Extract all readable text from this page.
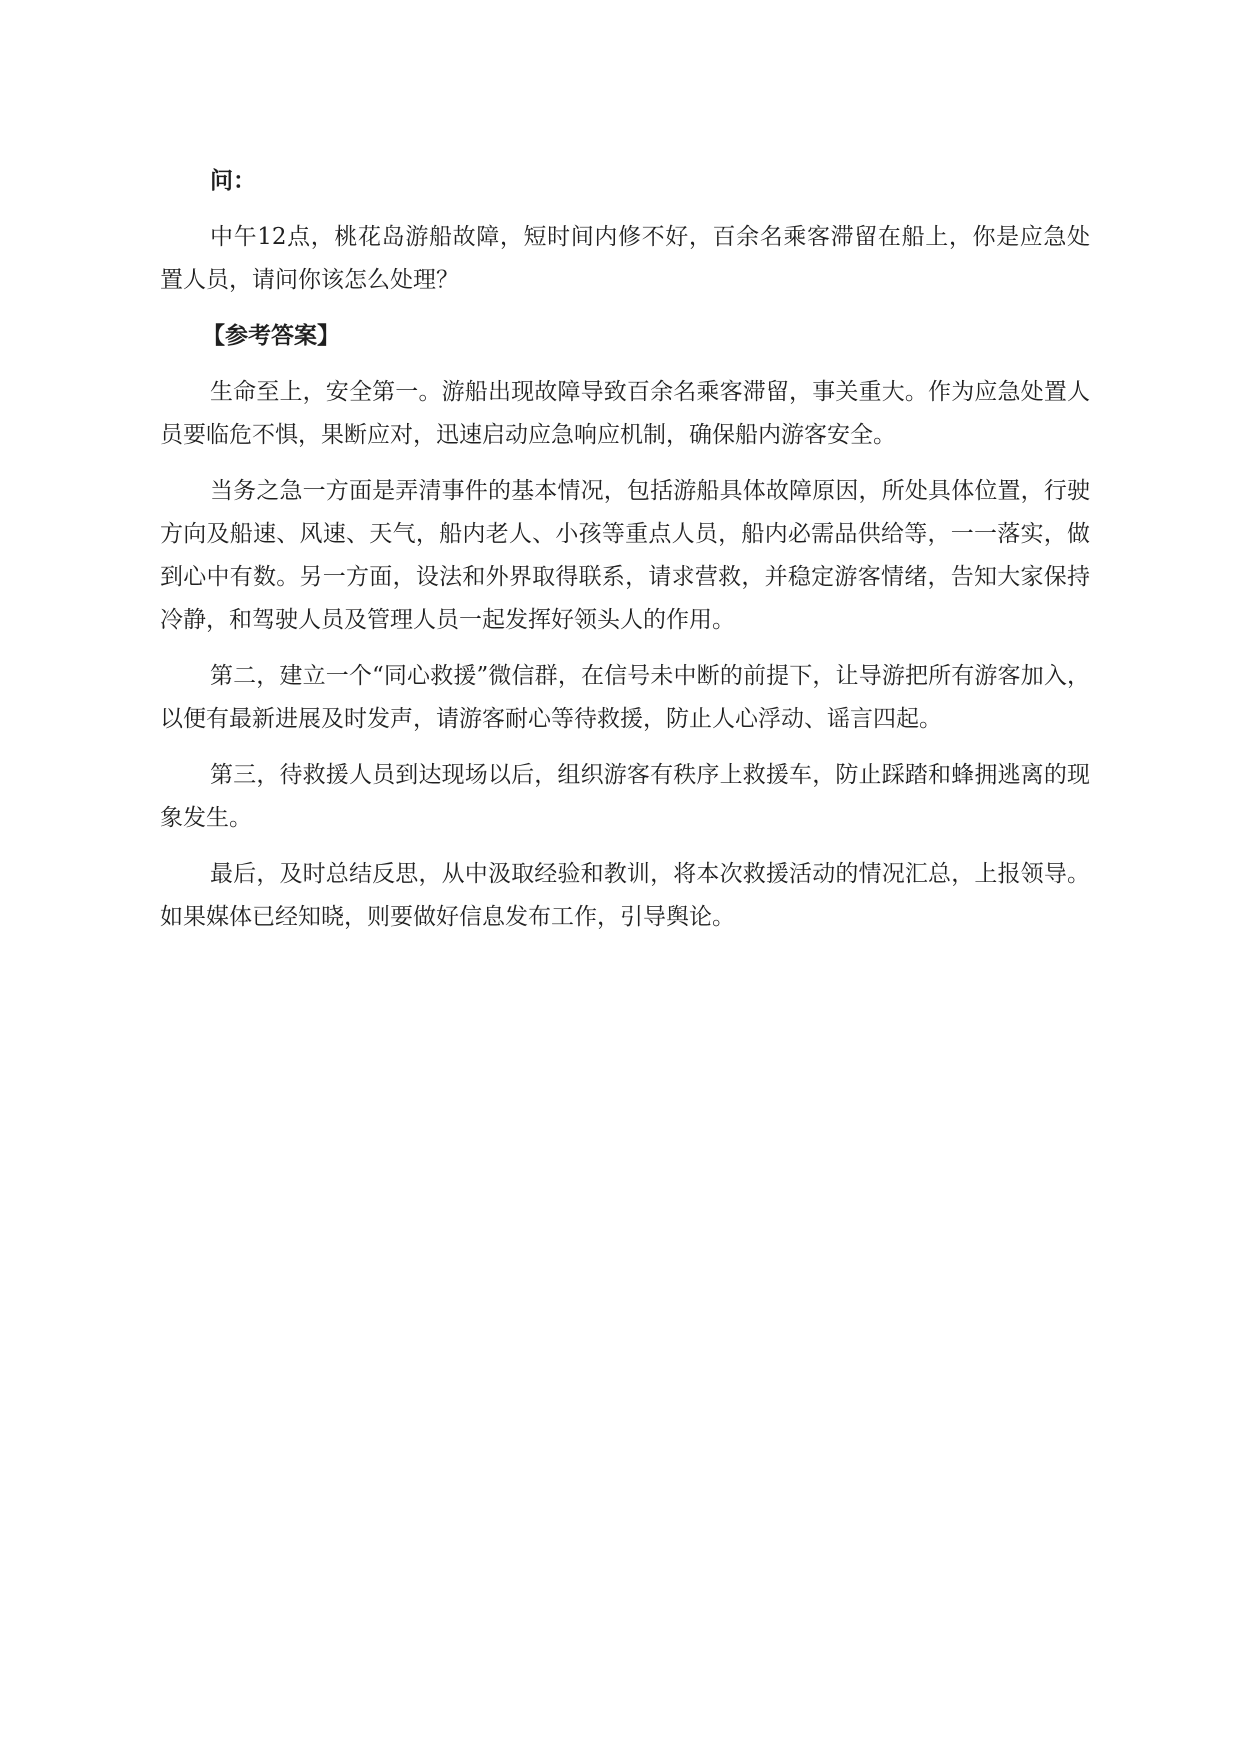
问：

中午12点，桃花岛游船故障，短时间内修不好，百余名乘客滞留在船上，你是应急处置人员，请问你该怎么处理？

【参考答案】

生命至上，安全第一。游船出现故障导致百余名乘客滞留，事关重大。作为应急处置人员要临危不惧，果断应对，迅速启动应急响应机制，确保船内游客安全。

当务之急一方面是弄清事件的基本情况，包括游船具体故障原因，所处具体位置，行驶方向及船速、风速、天气，船内老人、小孩等重点人员，船内必需品供给等，一一落实，做到心中有数。另一方面，设法和外界取得联系，请求营救，并稳定游客情绪，告知大家保持冷静，和驾驶人员及管理人员一起发挥好领头人的作用。

第二，建立一个“同心救援”微信群，在信号未中断的前提下，让导游把所有游客加入，以便有最新进展及时发声，请游客耐心等待救援，防止人心浮动、谣言四起。

第三，待救援人员到达现场以后，组织游客有秩序上救援车，防止踩踏和蜂拥逃离的现象发生。

最后，及时总结反思，从中汲取经验和教训，将本次救援活动的情况汇总，上报领导。如果媒体已经知晓，则要做好信息发布工作，引导舆论。
